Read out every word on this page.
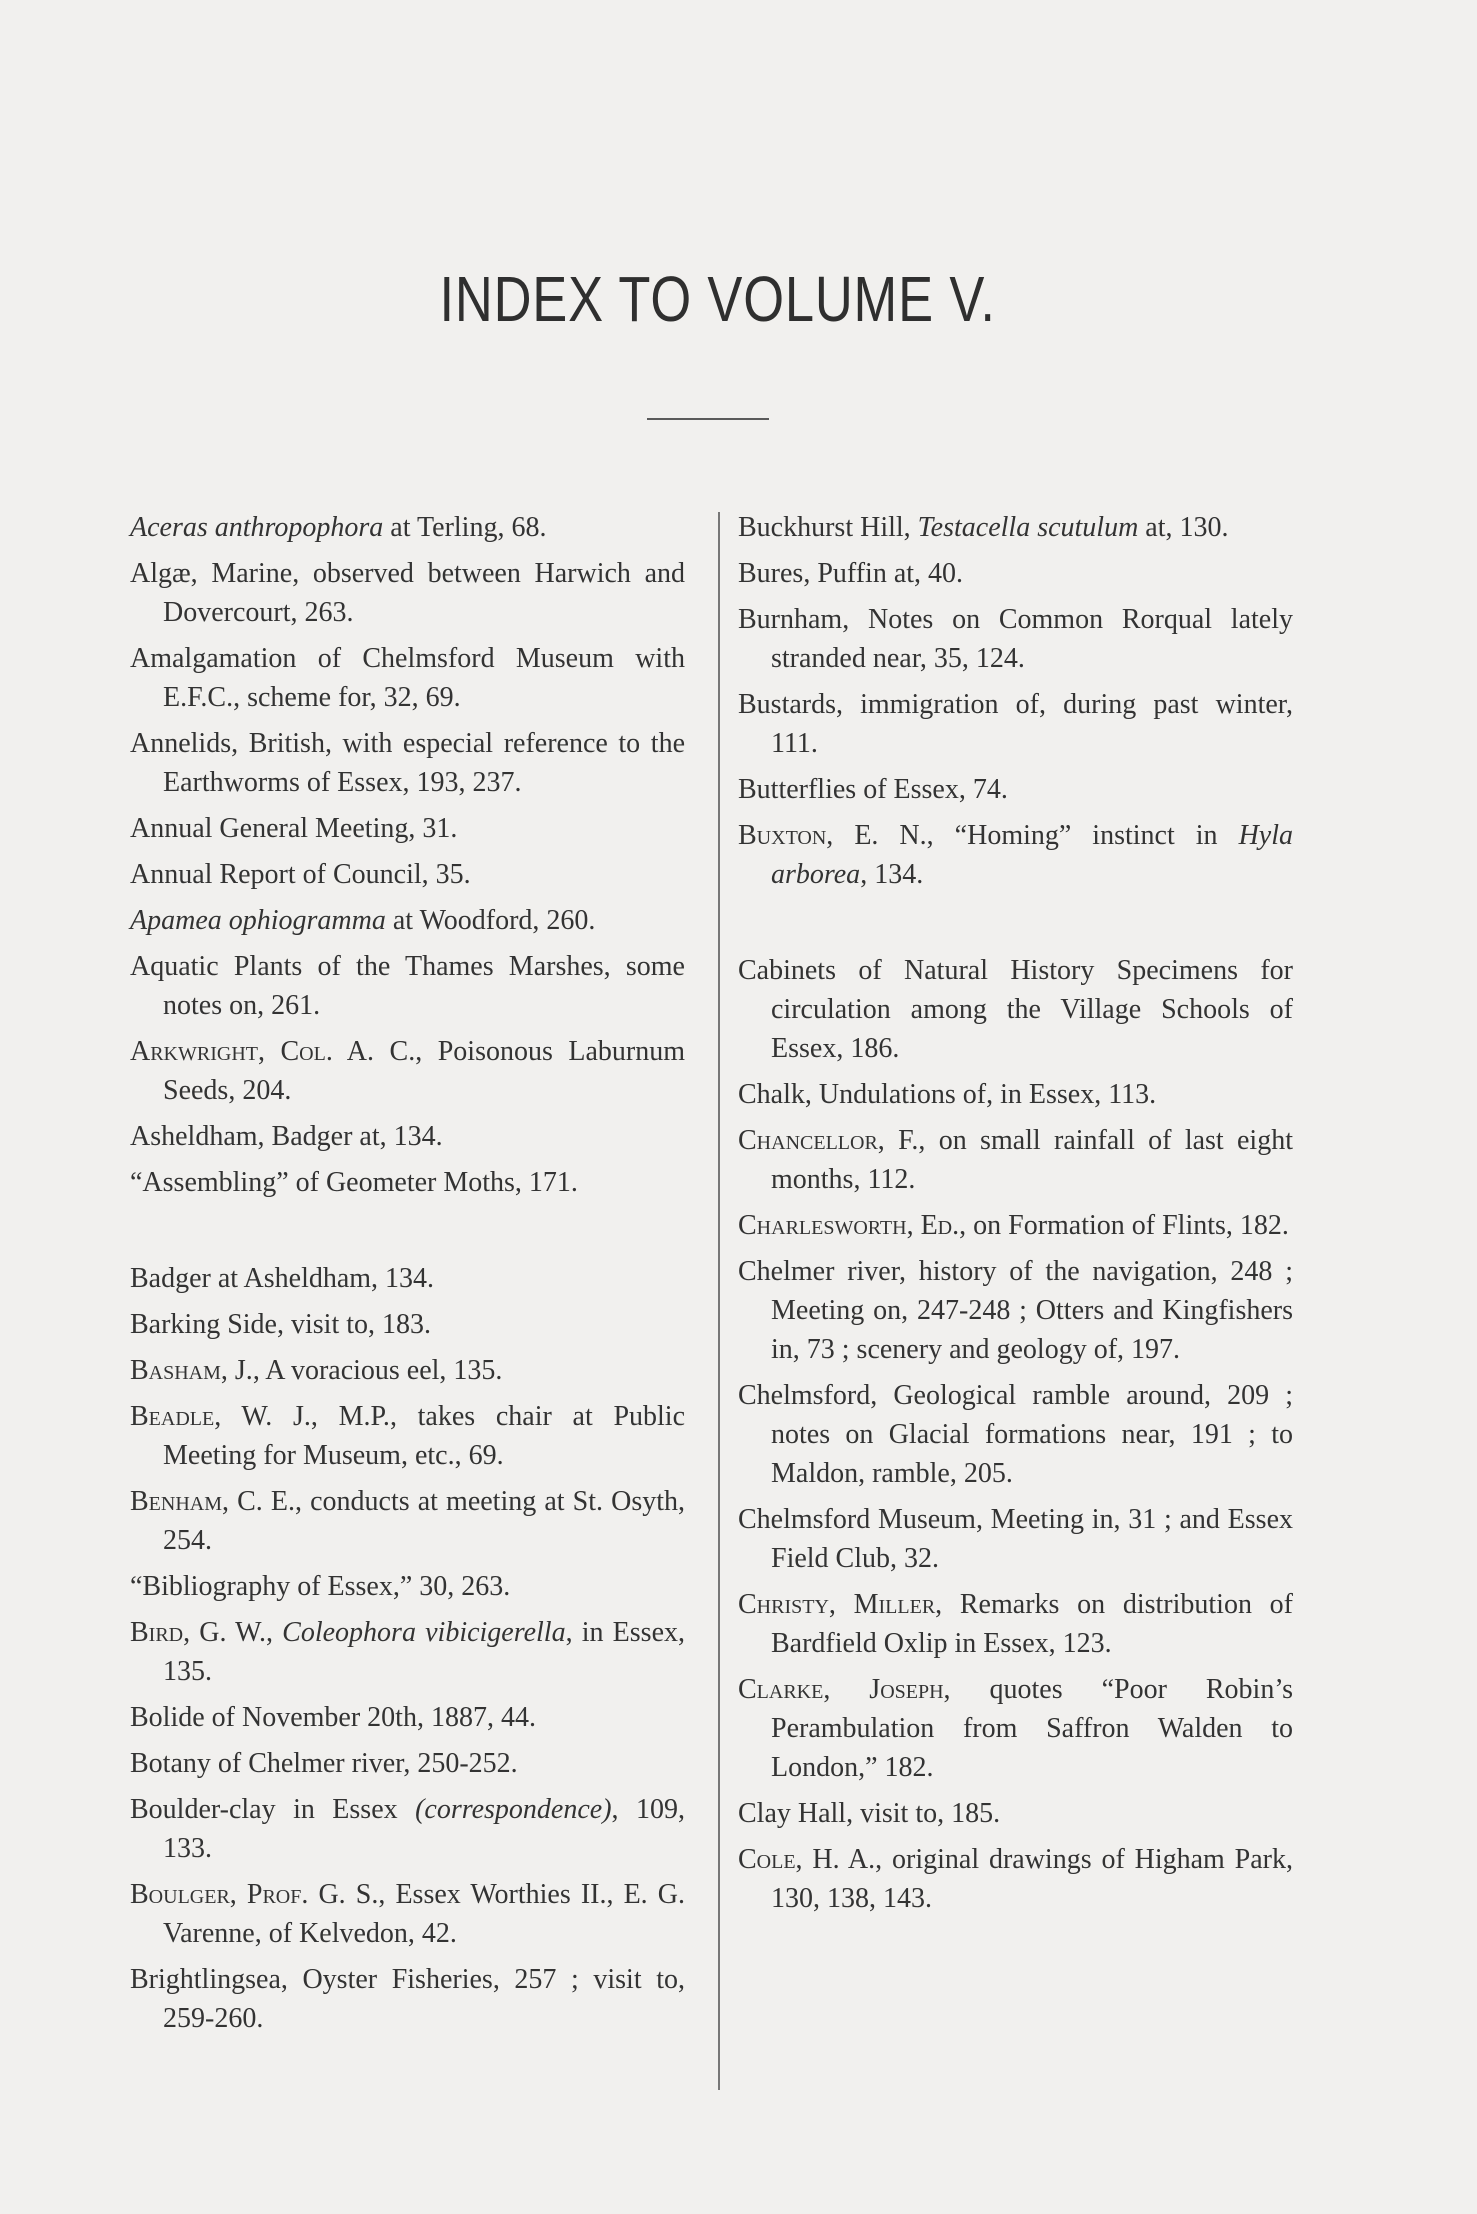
INDEX TO VOLUME V.
Aceras anthropophora at Terling, 68.
Algæ, Marine, observed between Harwich and Dovercourt, 263.
Amalgamation of Chelmsford Museum with E.F.C., scheme for, 32, 69.
Annelids, British, with especial reference to the Earthworms of Essex, 193, 237.
Annual General Meeting, 31.
Annual Report of Council, 35.
Apamea ophiogramma at Woodford, 260.
Aquatic Plants of the Thames Marshes, some notes on, 261.
Arkwright, Col. A. C., Poisonous Laburnum Seeds, 204.
Asheldham, Badger at, 134.
“Assembling” of Geometer Moths, 171.
Badger at Asheldham, 134.
Barking Side, visit to, 183.
Basham, J., A voracious eel, 135.
Beadle, W. J., M.P., takes chair at Public Meeting for Museum, etc., 69.
Benham, C. E., conducts at meeting at St. Osyth, 254.
“Bibliography of Essex,” 30, 263.
Bird, G. W., Coleophora vibicigerella, in Essex, 135.
Bolide of November 20th, 1887, 44.
Botany of Chelmer river, 250-252.
Boulder-clay in Essex (correspondence), 109, 133.
Boulger, Prof. G. S., Essex Worthies II., E. G. Varenne, of Kelvedon, 42.
Brightlingsea, Oyster Fisheries, 257 ; visit to, 259-260.
Buckhurst Hill, Testacella scutulum at, 130.
Bures, Puffin at, 40.
Burnham, Notes on Common Rorqual lately stranded near, 35, 124.
Bustards, immigration of, during past winter, 111.
Butterflies of Essex, 74.
Buxton, E. N., “Homing” instinct in Hyla arborea, 134.
Cabinets of Natural History Specimens for circulation among the Village Schools of Essex, 186.
Chalk, Undulations of, in Essex, 113.
Chancellor, F., on small rainfall of last eight months, 112.
Charlesworth, Ed., on Formation of Flints, 182.
Chelmer river, history of the navigation, 248 ; Meeting on, 247-248 ; Otters and Kingfishers in, 73 ; scenery and geology of, 197.
Chelmsford, Geological ramble around, 209 ; notes on Glacial formations near, 191 ; to Maldon, ramble, 205.
Chelmsford Museum, Meeting in, 31 ; and Essex Field Club, 32.
Christy, Miller, Remarks on distribution of Bardfield Oxlip in Essex, 123.
Clarke, Joseph, quotes “Poor Robin’s Perambulation from Saffron Walden to London,” 182.
Clay Hall, visit to, 185.
Cole, H. A., original drawings of Higham Park, 130, 138, 143.
